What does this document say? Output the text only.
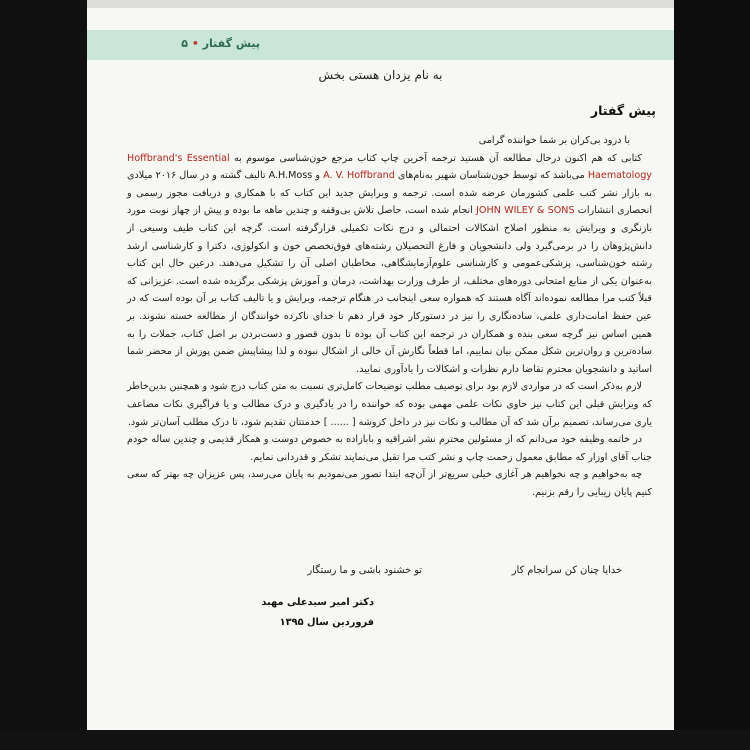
پیش گفتار • ۵
به نام یزدان هستی بخش
پیش گفتار

با درود بی‌کران بر شما خواننده گرامی

کتابی که هم اکنون در‌حال مطالعه آن هستید ترجمه آخرین چاپ کتاب مرجع خون‌شناسی موسوم به Hoffbrand's Essential Haematology می‌باشد که توسط خون‌شناسان شهیر به‌نام‌های A. V. Hoffbrand و A.H.Moss تالیف گشته و در سال ۲۰۱۶ میلادی به بازار نشر کتب علمی کشورمان عرضه شده است. ترجمه و ویرایش جدید این کتاب که با همکاری و دریافت مجوز رسمی و انحصاری انتشارات JOHN WILEY & SONS انجام شده است، حاصل تلاش بی‌وقفه و چندین ماهه ما بوده و پیش از چهار نوبت مورد بازنگری و ویرایش به منظور اصلاح اشکالات احتمالی و درج نکات تکمیلی قرار‌گرفته است. گرچه این کتاب طیف وسیعی از دانش‌پژوهان را در برمی‌گیرد ولی دانشجویان و فارغ التحصیلان رشته‌های فوق‌تخصص خون و انکولوژی، دکترا و کارشناسی ارشد رشته خون‌شناسی، پزشکی‌عمومی و کارشناسی علوم‌آزمایشگاهی، مخاطبان اصلی آن را تشکیل می‌دهند. در‌عین حال این کتاب به‌عنوان یکی از منابع امتحانی دوره‌های مختلف، از طرف وزارت بهداشت، درمان و آموزش پزشکی برگزیده شده است. عزیزانی که قبلاً کتب مرا مطالعه نموده‌اند آگاه هستند که همواره سعی اینجانب در هنگام ترجمه، ویرایش و یا تالیف کتاب بر آن بوده است که در عین حفظ امانت‌داری علمی، ساده‌نگاری را نیز در دستورکار خود قرار دهم تا خدای ناکرده خوانندگان از مطالعه خسته نشوند. بر همین اساس نیز گرچه سعی بنده و همکاران در ترجمه این کتاب آن بوده تا بدون قصور و دست‌بردن بر اصل کتاب، جملات را به ساده‌ترین و روان‌ترین شکل ممکن بیان نماییم، اما قطعاً نگارش آن خالی از اشکال نبوده و لذا پیشاپیش ضمن پوزش از محضر شما اساتید و دانشجویان محترم تقاضا دارم نظرات و اشکالات را یادآوری نمایید.

لازم به‌ذکر است که در مواردی لازم بود برای توصیف مطلب توضیحات کامل‌تری نسبت به متن کتاب درج شود و همچنین بدین‌خاطر که ویرایش قبلی این کتاب نیز حاوی نکات علمی مهمی بوده که خواننده را در یادگیری و درک مطالب و یا فراگیری نکات مضاعف یاری می‌رساند، تصمیم برآن شد که آن مطالب و نکات نیز در داخل کروشه [ ...... ] خدمتتان تقدیم شود، تا درک مطلب آسان‌تر شود.

در خاتمه وظیفه خود می‌دانم که از مسئولین محترم نشر اشراقیه و بابازاده به خصوص دوست و همکار قدیمی و چندین ساله خودم جناب آقای اوزار که مطابق معمول زحمت چاپ و نشر کتب مرا تقبل می‌نمایند تشکر و قدردانی نمایم.

چه به‌خواهیم و چه نخواهیم هر آغازی خیلی سریع‌تر از آن‌چه ابتدا تصور می‌نمودیم به پایان می‌رسد، پس عزیزان چه بهتر که سعی کنیم پایان زیبایی را رقم بزنیم.

خدایا چنان کن سرانجام کار
تو خشنود باشی و ما رستگار
دکتر امیر سیدعلی مهبد
فروردین سال ۱۳۹۵
